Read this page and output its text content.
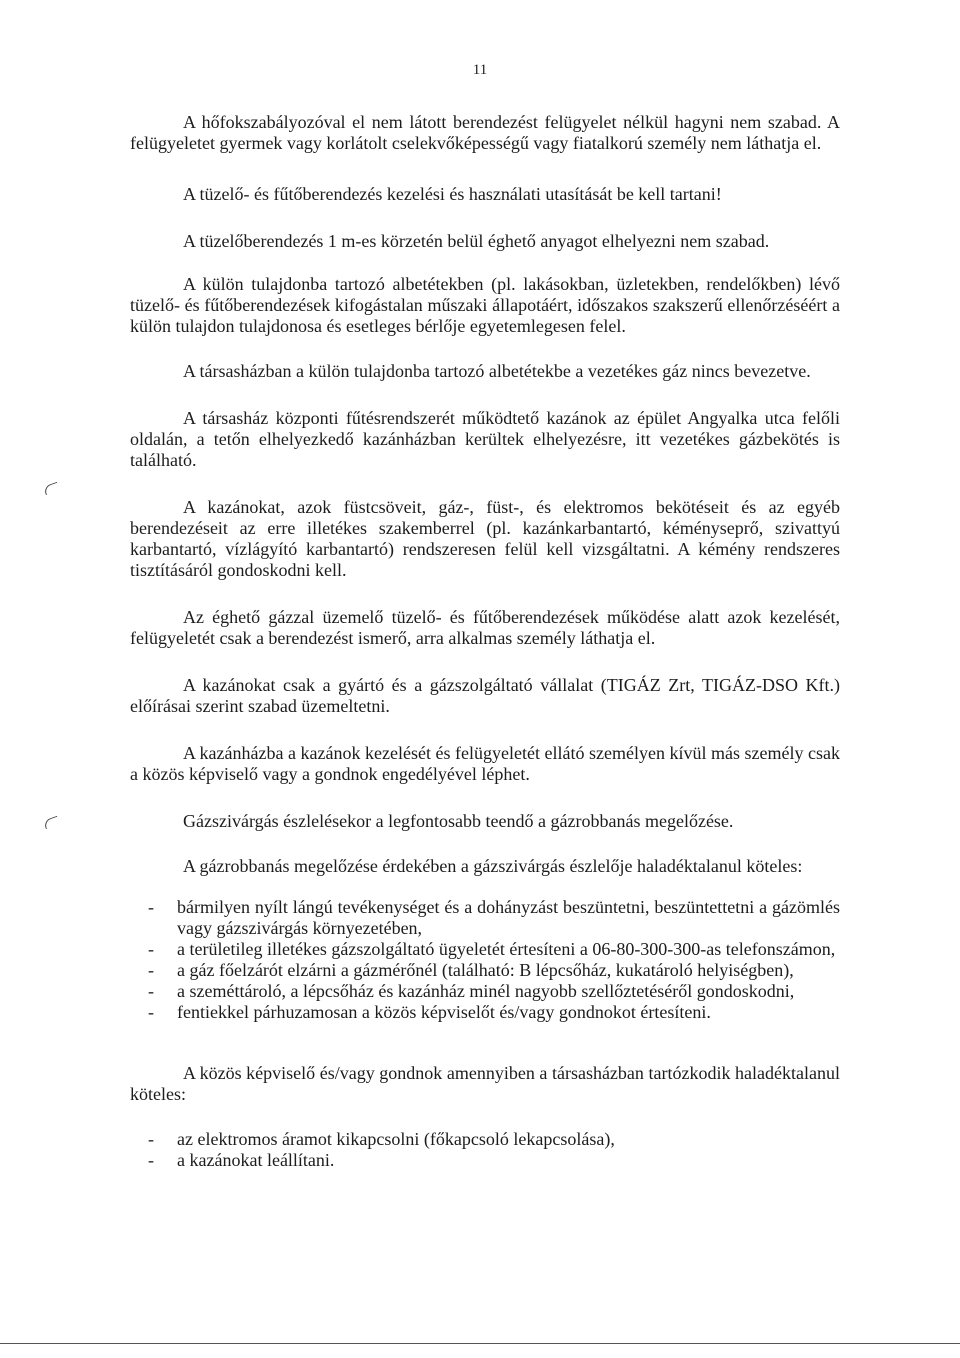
11

A hőfokszabályozóval el nem látott berendezést felügyelet nélkül hagyni nem szabad. A felügyeletet gyermek vagy korlátolt cselekvőképességű vagy fiatalkorú személy nem láthatja el.

A tüzelő- és fűtőberendezés kezelési és használati utasítását be kell tartani!

A tüzelőberendezés 1 m-es körzetén belül éghető anyagot elhelyezni nem szabad.

A külön tulajdonba tartozó albetétekben (pl. lakásokban, üzletekben, rendelőkben) lévő tüzelő- és fűtőberendezések kifogástalan műszaki állapotáért, időszakos szakszerű ellenőrzéséért a külön tulajdon tulajdonosa és esetleges bérlője egyetemlegesen felel.

A társasházban a külön tulajdonba tartozó albetétekbe a vezetékes gáz nincs bevezetve.

A társasház központi fűtésrendszerét működtető kazánok az épület Angyalka utca felőli oldalán, a tetőn elhelyezkedő kazánházban kerültek elhelyezésre, itt vezetékes gázbekötés is található.

A kazánokat, azok füstcsöveit, gáz-, füst-, és elektromos bekötéseit és az egyéb berendezéseit az erre illetékes szakemberrel (pl. kazánkarbantartó, kéményseprő, szivattyú karbantartó, vízlágyító karbantartó) rendszeresen felül kell vizsgáltatni. A kémény rendszeres tisztításáról gondoskodni kell.

Az éghető gázzal üzemelő tüzelő- és fűtőberendezések működése alatt azok kezelését, felügyeletét csak a berendezést ismerő, arra alkalmas személy láthatja el.

A kazánokat csak a gyártó és a gázszolgáltató vállalat (TIGÁZ Zrt, TIGÁZ-DSO Kft.) előírásai szerint szabad üzemeltetni.

A kazánházba a kazánok kezelését és felügyeletét ellátó személyen kívül más személy csak a közös képviselő vagy a gondnok engedélyével léphet.

Gázszivárgás észlelésekor a legfontosabb teendő a gázrobbanás megelőzése.

A gázrobbanás megelőzése érdekében a gázszivárgás észlelője haladéktalanul köteles:

- bármilyen nyílt lángú tevékenységet és a dohányzást beszüntetni, beszüntettetni a gázömlés vagy gázszivárgás környezetében,
- a területileg illetékes gázszolgáltató ügyeletét értesíteni a 06-80-300-300-as telefonszámon,
- a gáz főelzárót elzárni a gázmérőnél (található: B lépcsőház, kukatároló helyiségben),
- a szeméttároló, a lépcsőház és kazánház minél nagyobb szellőztetéséről gondoskodni,
- fentiekkel párhuzamosan a közös képviselőt és/vagy gondnokot értesíteni.

A közös képviselő és/vagy gondnok amennyiben a társasházban tartózkodik haladéktalanul köteles:

- az elektromos áramot kikapcsolni (főkapcsoló lekapcsolása),
- a kazánokat leállítani.
